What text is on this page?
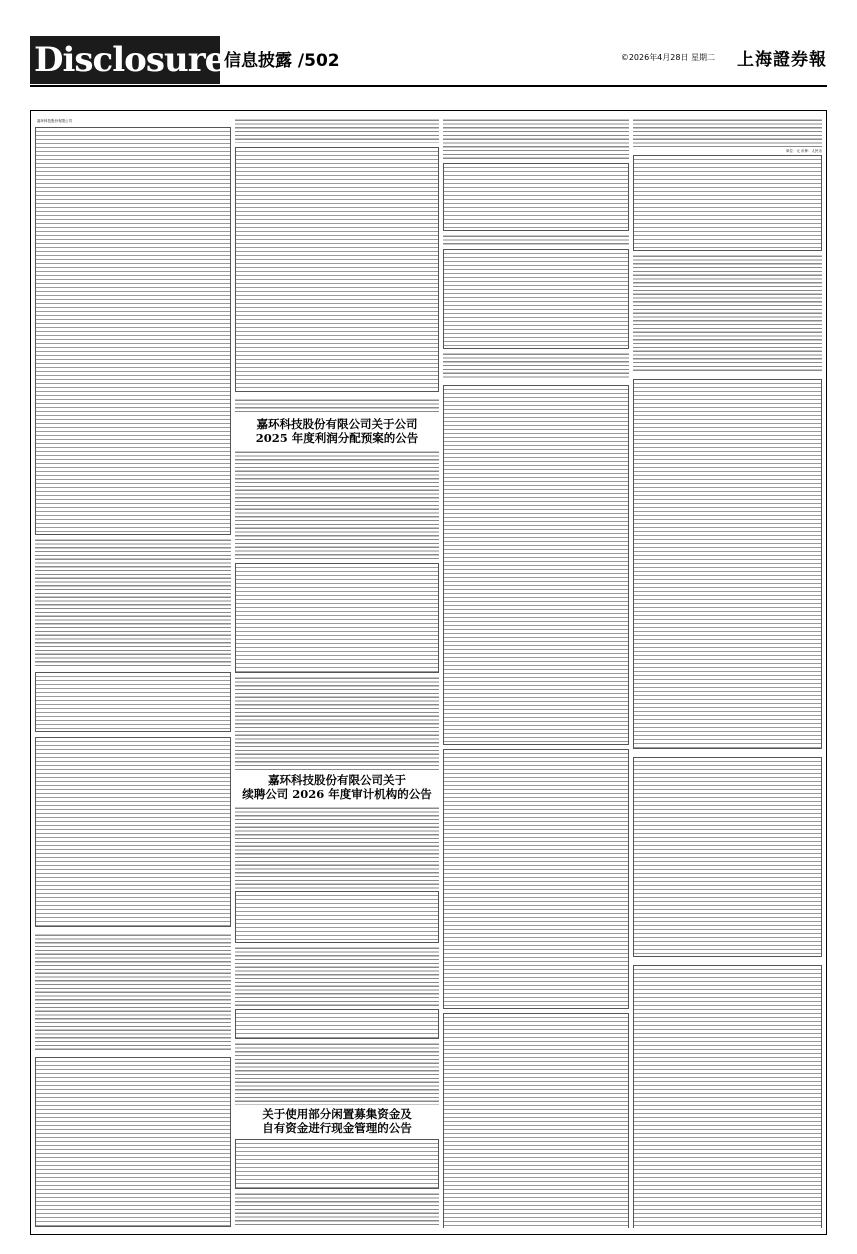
Disclosure
信息披露 /502	©2026年4月28日 星期二 上海證券報
嘉环科技股份有限公司
嘉环科技股份有限公司关于公司
2025 年度利润分配预案的公告
嘉环科技股份有限公司关于
续聘公司 2026 年度审计机构的公告
关于使用部分闲置募集资金及
自有资金进行现金管理的公告
单位：元 币种：人民币
